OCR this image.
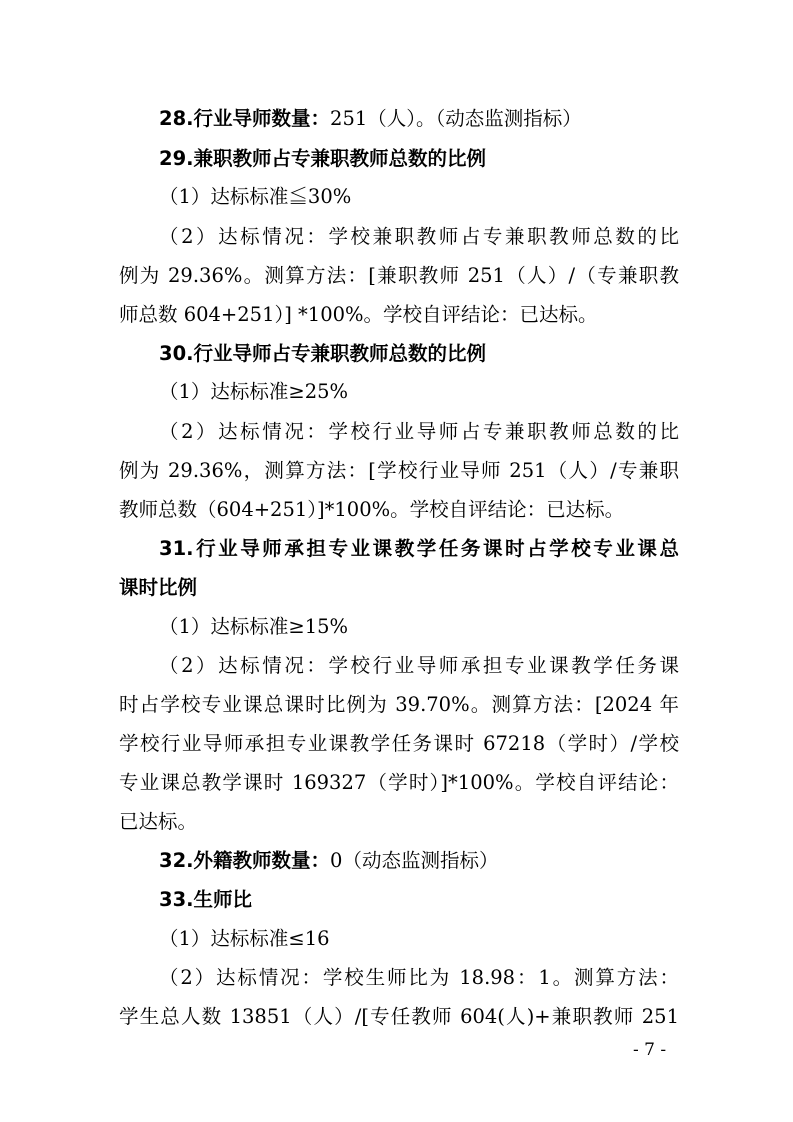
28.行业导师数量：251（人）。（动态监测指标）
29.兼职教师占专兼职教师总数的比例
（1）达标标准≦30%
（2）达标情况：学校兼职教师占专兼职教师总数的比
例为 29.36%。测算方法：[兼职教师 251（人）/（专兼职教
师总数 604+251）] *100%。学校自评结论：已达标。
30.行业导师占专兼职教师总数的比例
（1）达标标准≥25%
（2）达标情况：学校行业导师占专兼职教师总数的比
例为 29.36%，测算方法：[学校行业导师 251（人）/专兼职
教师总数（604+251）]*100%。学校自评结论：已达标。
31.行业导师承担专业课教学任务课时占学校专业课总
课时比例
（1）达标标准≥15%
（2）达标情况：学校行业导师承担专业课教学任务课
时占学校专业课总课时比例为 39.70%。测算方法：[2024 年
学校行业导师承担专业课教学任务课时 67218（学时）/学校
专业课总教学课时 169327（学时）]*100%。学校自评结论：
已达标。
32.外籍教师数量：0（动态监测指标）
33.生师比
（1）达标标准≤16
（2）达标情况：学校生师比为 18.98：1。测算方法：
学生总人数 13851（人）/[专任教师 604(人)+兼职教师 251
- 7 -
